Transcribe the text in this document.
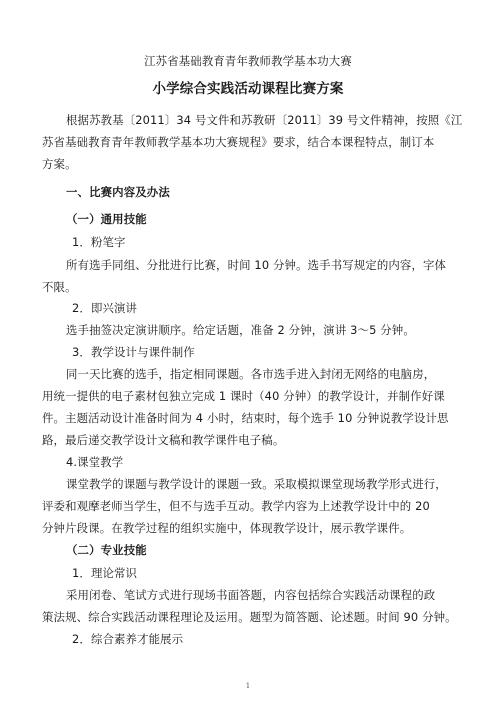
江苏省基础教育青年教师教学基本功大赛
小学综合实践活动课程比赛方案
根据苏教基〔2011〕34 号文件和苏教研〔2011〕39 号文件精神，按照《江
苏省基础教育青年教师教学基本功大赛规程》要求，结合本课程特点，制订本
方案。
一、比赛内容及办法
（一）通用技能
1．粉笔字
所有选手同组、分批进行比赛，时间 10 分钟。选手书写规定的内容，字体
不限。
2．即兴演讲
选手抽签决定演讲顺序。给定话题，准备 2 分钟，演讲 3～5 分钟。
3．教学设计与课件制作
同一天比赛的选手，指定相同课题。各市选手进入封闭无网络的电脑房，
用统一提供的电子素材包独立完成 1 课时（40 分钟）的教学设计，并制作好课
件。主题活动设计准备时间为 4 小时，结束时，每个选手 10 分钟说教学设计思
路，最后递交教学设计文稿和教学课件电子稿。
4.课堂教学
课堂教学的课题与教学设计的课题一致。采取模拟课堂现场教学形式进行，
评委和观摩老师当学生，但不与选手互动。教学内容为上述教学设计中的 20
分钟片段课。在教学过程的组织实施中，体现教学设计，展示教学课件。
（二）专业技能
1．理论常识
采用闭卷、笔试方式进行现场书面答题，内容包括综合实践活动课程的政
策法规、综合实践活动课程理论及运用。题型为简答题、论述题。时间 90 分钟。
2．综合素养才能展示
1
